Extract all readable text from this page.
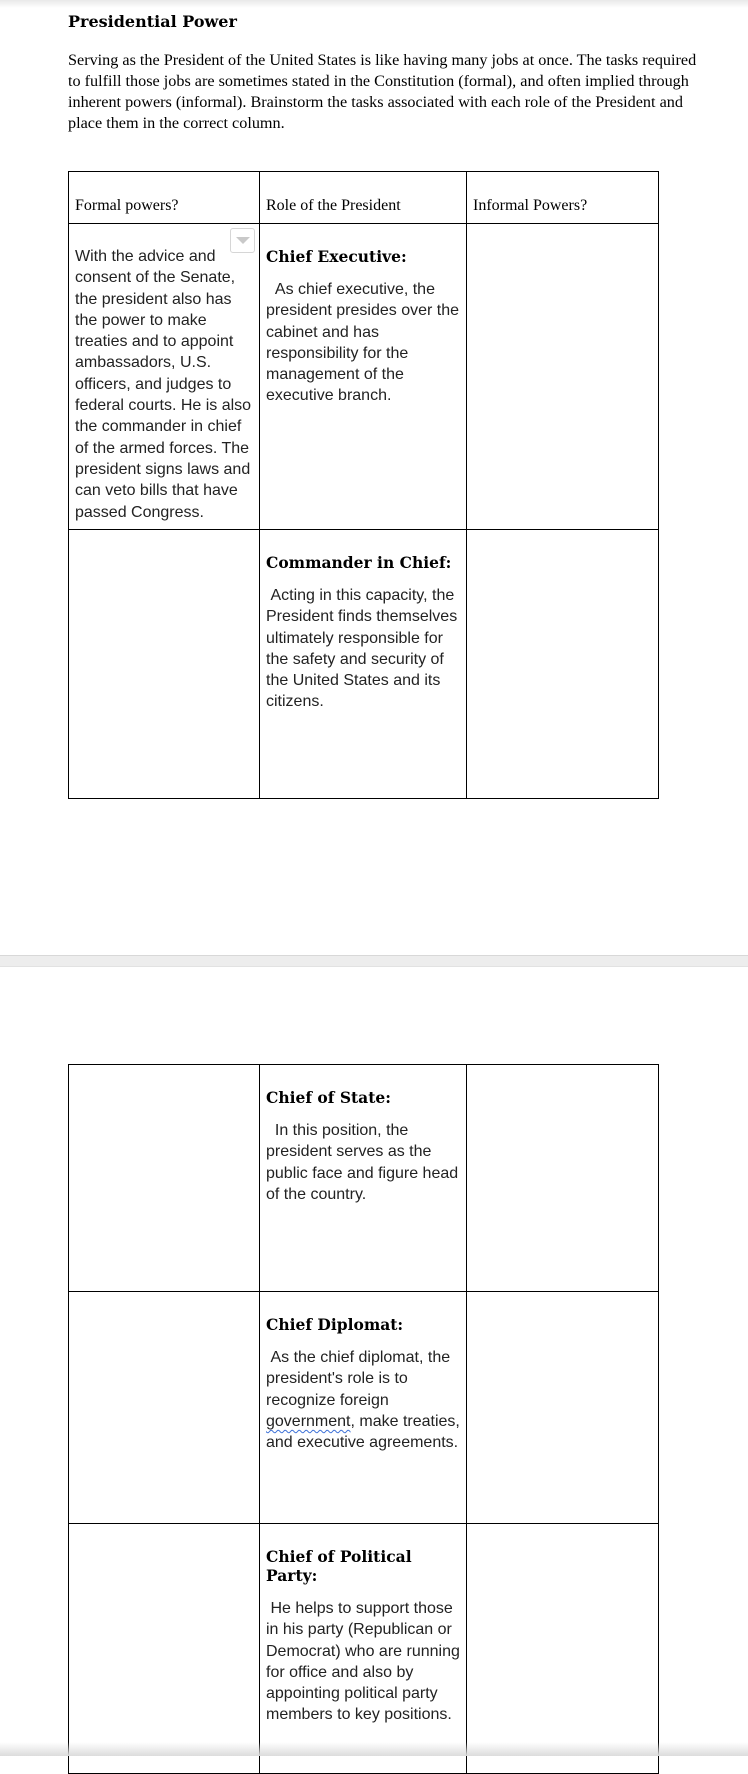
Presidential Power

Serving as the President of the United States is like having many jobs at once. The tasks required to fulfill those jobs are sometimes stated in the Constitution (formal), and often implied through inherent powers (informal). Brainstorm the tasks associated with each role of the President and place them in the correct column.

Formal powers?	Role of the President	Informal Powers?

With the advice and consent of the Senate, the president also has the power to make treaties and to appoint ambassadors, U.S. officers, and judges to federal courts. He is also the commander in chief of the armed forces. The president signs laws and can veto bills that have passed Congress.	Chief Executive:

As chief executive, the president presides over the cabinet and has responsibility for the management of the executive branch.	

	Commander in Chief:

Acting in this capacity, the President finds themselves ultimately responsible for the safety and security of the United States and its citizens.	

	Chief of State:

In this position, the president serves as the public face and figure head of the country.	

	Chief Diplomat:

As the chief diplomat, the president's role is to recognize foreign government, make treaties, and executive agreements.	

	Chief of Political Party:

He helps to support those in his party (Republican or Democrat) who are running for office and also by appointing political party members to key positions.	
